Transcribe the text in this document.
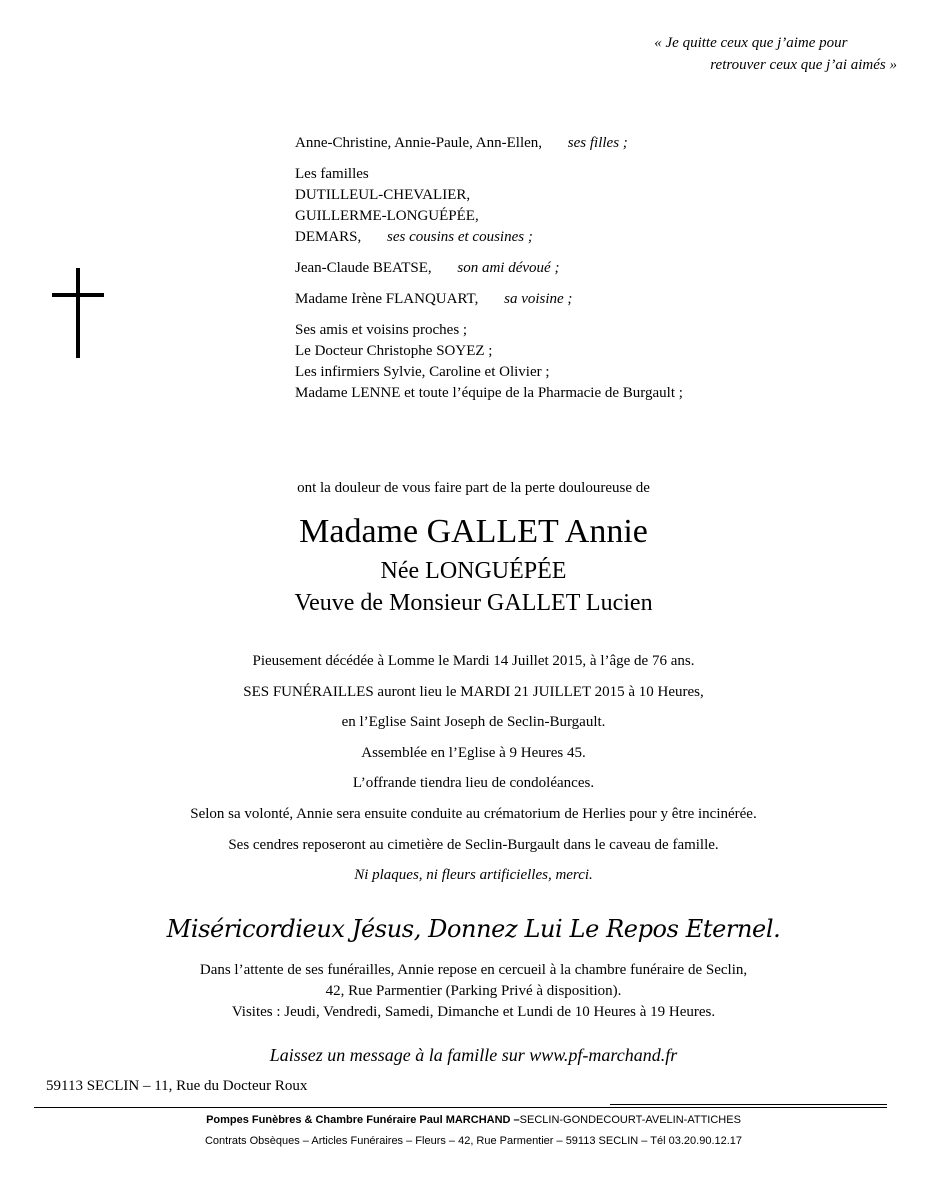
« Je quitte ceux que j’aime pour
retrouver ceux que j’ai aimés »
Anne-Christine, Annie-Paule, Ann-Ellen, ses filles ;
Les familles
DUTILLEUL-CHEVALIER,
GUILLERME-LONGUÉPÉE,
DEMARS, ses cousins et cousines ;
Jean-Claude BEATSE, son ami dévoué ;
Madame Irène FLANQUART, sa voisine ;
Ses amis et voisins proches ;
Le Docteur Christophe SOYEZ ;
Les infirmiers Sylvie, Caroline et Olivier ;
Madame LENNE et toute l’équipe de la Pharmacie de Burgault ;
ont la douleur de vous faire part de la perte douloureuse de
Madame GALLET Annie
Née LONGUÉPÉE
Veuve de Monsieur GALLET Lucien
Pieusement décédée à Lomme le Mardi 14 Juillet 2015, à l’âge de 76 ans.
SES FUNÉRAILLES auront lieu le MARDI 21 JUILLET 2015 à 10 Heures,
en l’Eglise Saint Joseph de Seclin-Burgault.
Assemblée en l’Eglise à 9 Heures 45.
L’offrande tiendra lieu de condoléances.
Selon sa volonté, Annie sera ensuite conduite au crématorium de Herlies pour y être incinérée.
Ses cendres reposeront au cimetière de Seclin-Burgault dans le caveau de famille.
Ni plaques, ni fleurs artificielles, merci.
Miséricordieux Jésus, Donnez Lui Le Repos Eternel.
Dans l’attente de ses funérailles, Annie repose en cercueil à la chambre funéraire de Seclin,
42, Rue Parmentier (Parking Privé à disposition).
Visites : Jeudi, Vendredi, Samedi, Dimanche et Lundi de 10 Heures à 19 Heures.
Laissez un message à la famille sur www.pf-marchand.fr
59113 SECLIN – 11, Rue du Docteur Roux
Pompes Funèbres & Chambre Funéraire Paul MARCHAND –SECLIN-GONDECOURT-AVELIN-ATTICHES
Contrats Obsèques – Articles Funéraires – Fleurs – 42, Rue Parmentier – 59113 SECLIN – Tél 03.20.90.12.17
